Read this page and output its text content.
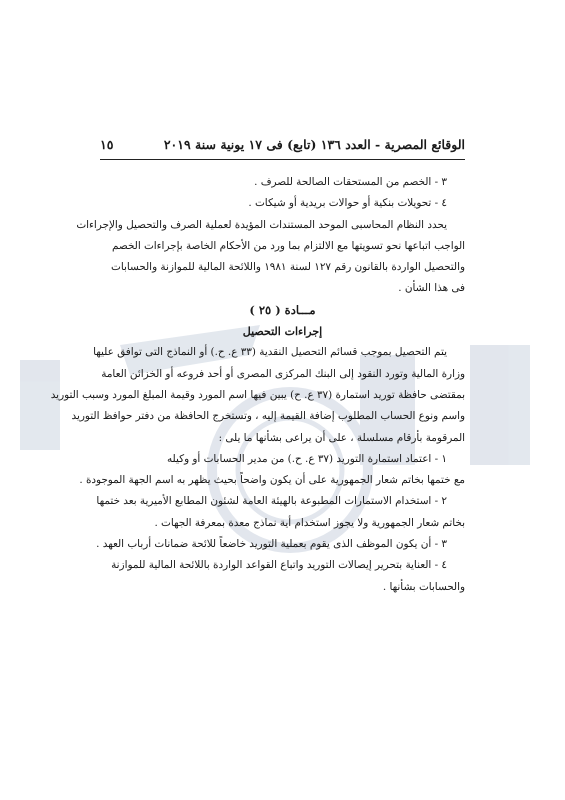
الوقائع المصرية - العدد ١٣٦ (تابع) فى ١٧ يونية سنة ٢٠١٩
١٥
٣ - الخصم من المستحقات الصالحة للصرف .
٤ - تحويلات بنكية أو حوالات بريدية أو شيكات .
يحدد النظام المحاسبى الموحد المستندات المؤيدة لعملية الصرف والتحصيل والإجراءات
الواجب اتباعها نحو تسويتها مع الالتزام بما ورد من الأحكام الخاصة بإجراءات الخصم
والتحصيل الواردة بالقانون رقم ١٢٧ لسنة ١٩٨١ واللائحة المالية للموازنة والحسابات
فى هذا الشأن .
مـــادة ( ٢٥ )
إجراءات التحصيل
يتم التحصيل بموجب قسائم التحصيل النقدية (٣٣ ع. ح.) أو النماذج التى توافق عليها
وزارة المالية وتورد النقود إلى البنك المركزى المصرى أو أحد فروعه أو الخزائن العامة
بمقتضى حافظة توريد استمارة (٣٧ ع. ح) يبين فيها اسم المورد وقيمة المبلغ المورد وسبب التوريد
واسم ونوع الحساب المطلوب إضافة القيمة إليه ، وتستخرج الحافظة من دفتر حوافظ التوريد
المرقومة بأرقام مسلسلة ، على أن يراعى بشأنها ما يلى :
١ - اعتماد استمارة التوريد (٣٧ ع. ح.) من مدير الحسابات أو وكيله
مع ختمها بخاتم شعار الجمهورية على أن يكون واضحاً بحيث يظهر به اسم الجهة الموجودة .
٢ - استخدام الاستمارات المطبوعة بالهيئة العامة لشئون المطابع الأميرية بعد ختمها
بخاتم شعار الجمهورية ولا يجوز استخدام أية نماذج معدة بمعرفة الجهات .
٣ - أن يكون الموظف الذى يقوم بعملية التوريد خاضعاً للائحة ضمانات أرباب العهد .
٤ - العناية بتحرير إيصالات التوريد واتباع القواعد الواردة باللائحة المالية للموازنة
والحسابات بشأنها .
